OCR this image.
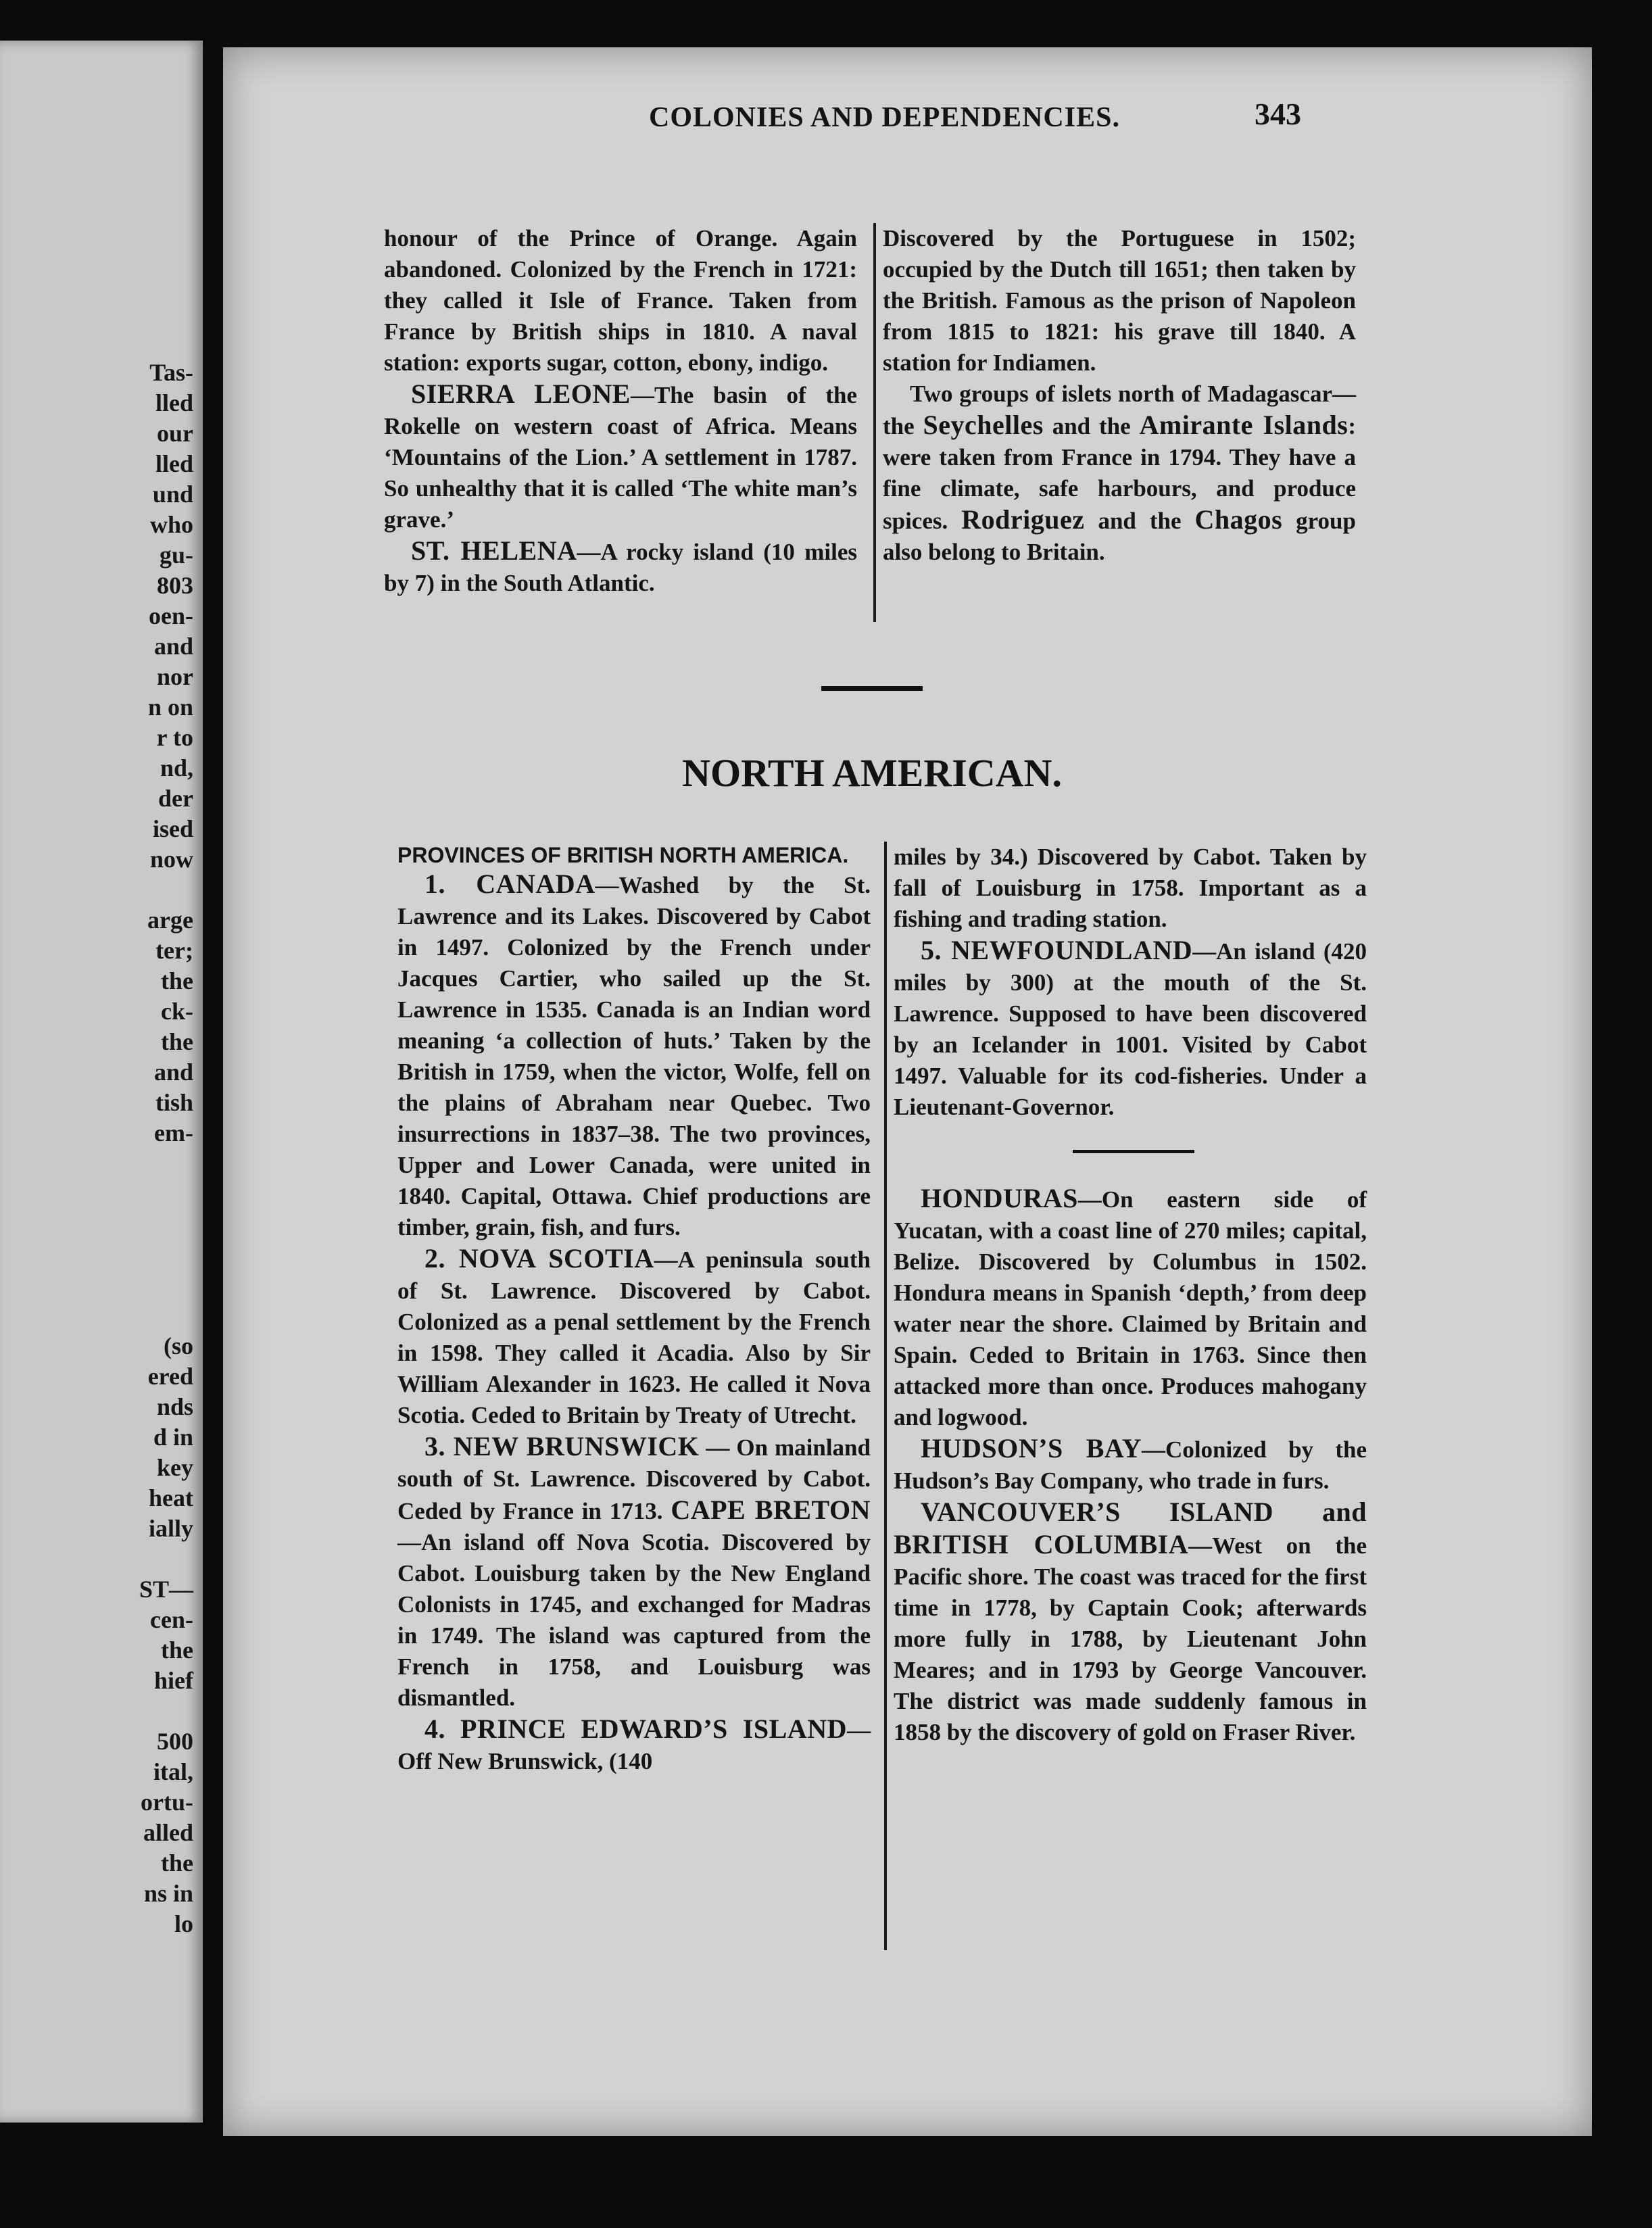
Tas-
lled
our
lled
und
who
gu-
803
oen-
and
nor
n on
r to
nd,
der
ised
now
arge
ter;
the
ck-
the
and
tish
em-
(so
ered
nds
d in
key
heat
ially
ST—
cen-
the
hief
500
ital,
ortu-
alled
the
ns in
lo
COLONIES AND DEPENDENCIES.	343

honour of the Prince of Orange. Again abandoned. Colonized by the French in 1721: they called it Isle of France. Taken from France by British ships in 1810. A naval station: exports sugar, cotton, ebony, indigo.

SIERRA LEONE—The basin of the Rokelle on western coast of Africa. Means ‘Mountains of the Lion.’ A settlement in 1787. So unhealthy that it is called ‘The white man’s grave.’

ST. HELENA—A rocky island (10 miles by 7) in the South Atlantic.

Discovered by the Portuguese in 1502; occupied by the Dutch till 1651; then taken by the British. Famous as the prison of Napoleon from 1815 to 1821: his grave till 1840. A station for Indiamen.

Two groups of islets north of Madagascar—the Seychelles and the Amirante Islands: were taken from France in 1794. They have a fine climate, safe harbours, and produce spices. Rodriguez and the Chagos group also belong to Britain.

NORTH AMERICAN.

PROVINCES OF BRITISH NORTH AMERICA.

1. CANADA—Washed by the St. Lawrence and its Lakes. Discovered by Cabot in 1497. Colonized by the French under Jacques Cartier, who sailed up the St. Lawrence in 1535. Canada is an Indian word meaning ‘a collection of huts.’ Taken by the British in 1759, when the victor, Wolfe, fell on the plains of Abraham near Quebec. Two insurrections in 1837–38. The two provinces, Upper and Lower Canada, were united in 1840. Capital, Ottawa. Chief productions are timber, grain, fish, and furs.

2. NOVA SCOTIA—A peninsula south of St. Lawrence. Discovered by Cabot. Colonized as a penal settlement by the French in 1598. They called it Acadia. Also by Sir William Alexander in 1623. He called it Nova Scotia. Ceded to Britain by Treaty of Utrecht.

3. NEW BRUNSWICK — On mainland south of St. Lawrence. Discovered by Cabot. Ceded by France in 1713. CAPE BRETON—An island off Nova Scotia. Discovered by Cabot. Louisburg taken by the New England Colonists in 1745, and exchanged for Madras in 1749. The island was captured from the French in 1758, and Louisburg was dismantled.

4. PRINCE EDWARD’S ISLAND—Off New Brunswick, (140

miles by 34.) Discovered by Cabot. Taken by fall of Louisburg in 1758. Important as a fishing and trading station.

5. NEWFOUNDLAND—An island (420 miles by 300) at the mouth of the St. Lawrence. Supposed to have been discovered by an Icelander in 1001. Visited by Cabot 1497. Valuable for its cod-fisheries. Under a Lieutenant-Governor.

HONDURAS—On eastern side of Yucatan, with a coast line of 270 miles; capital, Belize. Discovered by Columbus in 1502. Hondura means in Spanish ‘depth,’ from deep water near the shore. Claimed by Britain and Spain. Ceded to Britain in 1763. Since then attacked more than once. Produces mahogany and logwood.

HUDSON’S BAY—Colonized by the Hudson’s Bay Company, who trade in furs.

VANCOUVER’S ISLAND and BRITISH COLUMBIA—West on the Pacific shore. The coast was traced for the first time in 1778, by Captain Cook; afterwards more fully in 1788, by Lieutenant John Meares; and in 1793 by George Vancouver. The district was made suddenly famous in 1858 by the discovery of gold on Fraser River.
